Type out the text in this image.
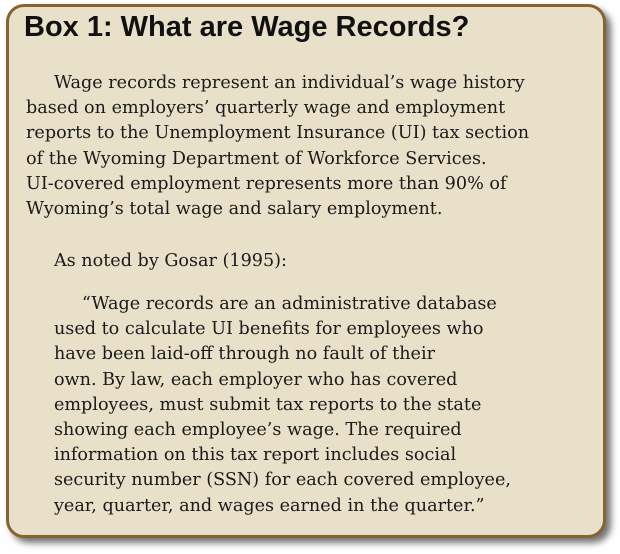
Box 1: What are Wage Records?

Wage records represent an individual’s wage history
based on employers’ quarterly wage and employment
reports to the Unemployment Insurance (UI) tax section
of the Wyoming Department of Workforce Services.
UI-covered employment represents more than 90% of
Wyoming’s total wage and salary employment.

As noted by Gosar (1995):

“Wage records are an administrative database
used to calculate UI benefits for employees who
have been laid-off through no fault of their
own. By law, each employer who has covered
employees, must submit tax reports to the state
showing each employee’s wage. The required
information on this tax report includes social
security number (SSN) for each covered employee,
year, quarter, and wages earned in the quarter.”
